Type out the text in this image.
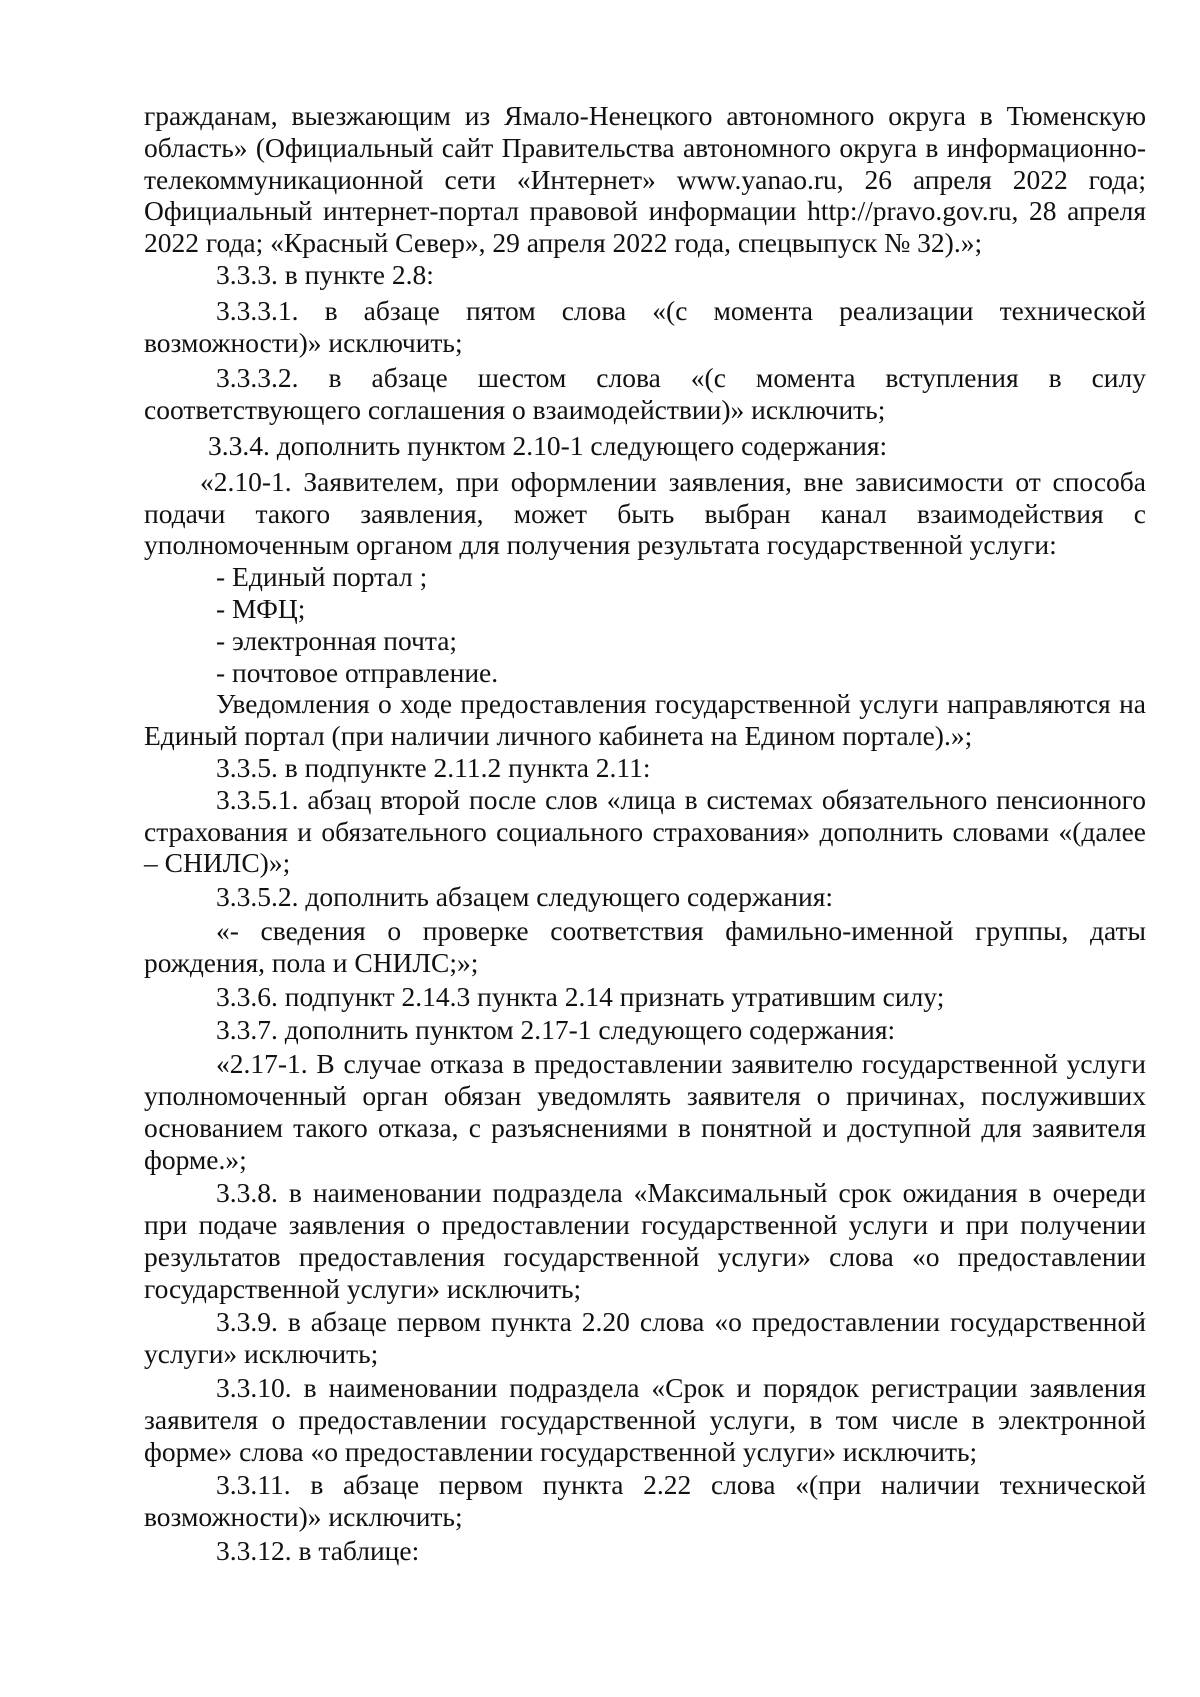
гражданам, выезжающим из Ямало-Ненецкого автономного округа в Тюменскую область» (Официальный сайт Правительства автономного округа в информационно-телекоммуникационной сети «Интернет» www.yanao.ru, 26 апреля 2022 года; Официальный интернет-портал правовой информации http://pravo.gov.ru, 28 апреля 2022 года; «Красный Север», 29 апреля 2022 года, спецвыпуск № 32).»;

3.3.3. в пункте 2.8:

3.3.3.1. в абзаце пятом слова «(с момента реализации технической возможности)» исключить;

3.3.3.2. в абзаце шестом слова «(с момента вступления в силу соответствующего соглашения о взаимодействии)» исключить;

3.3.4. дополнить пунктом 2.10-1 следующего содержания:

«2.10-1. Заявителем, при оформлении заявления, вне зависимости от способа подачи такого заявления, может быть выбран канал взаимодействия с уполномоченным органом для получения результата государственной услуги:

- Единый портал ;

- МФЦ;

- электронная почта;

- почтовое отправление.

Уведомления о ходе предоставления государственной услуги направляются на Единый портал (при наличии личного кабинета на Едином портале).»;

3.3.5. в подпункте 2.11.2 пункта 2.11:

3.3.5.1. абзац второй после слов «лица в системах обязательного пенсионного страхования и обязательного социального страхования» дополнить словами «(далее – СНИЛС)»;

3.3.5.2. дополнить абзацем следующего содержания:

«- сведения о проверке соответствия фамильно-именной группы, даты рождения, пола и СНИЛС;»;

3.3.6. подпункт 2.14.3 пункта 2.14 признать утратившим силу;

3.3.7. дополнить пунктом 2.17-1 следующего содержания:

«2.17-1. В случае отказа в предоставлении заявителю государственной услуги уполномоченный орган обязан уведомлять заявителя о причинах, послуживших основанием такого отказа, с разъяснениями в понятной и доступной для заявителя форме.»;

3.3.8. в наименовании подраздела «Максимальный срок ожидания в очереди при подаче заявления о предоставлении государственной услуги и при получении результатов предоставления государственной услуги» слова «о предоставлении государственной услуги» исключить;

3.3.9. в абзаце первом пункта 2.20 слова «о предоставлении государственной услуги» исключить;

3.3.10. в наименовании подраздела «Срок и порядок регистрации заявления заявителя о предоставлении государственной услуги, в том числе в электронной форме» слова «о предоставлении государственной услуги» исключить;

3.3.11. в абзаце первом пункта 2.22 слова «(при наличии технической возможности)» исключить;

3.3.12. в таблице:
